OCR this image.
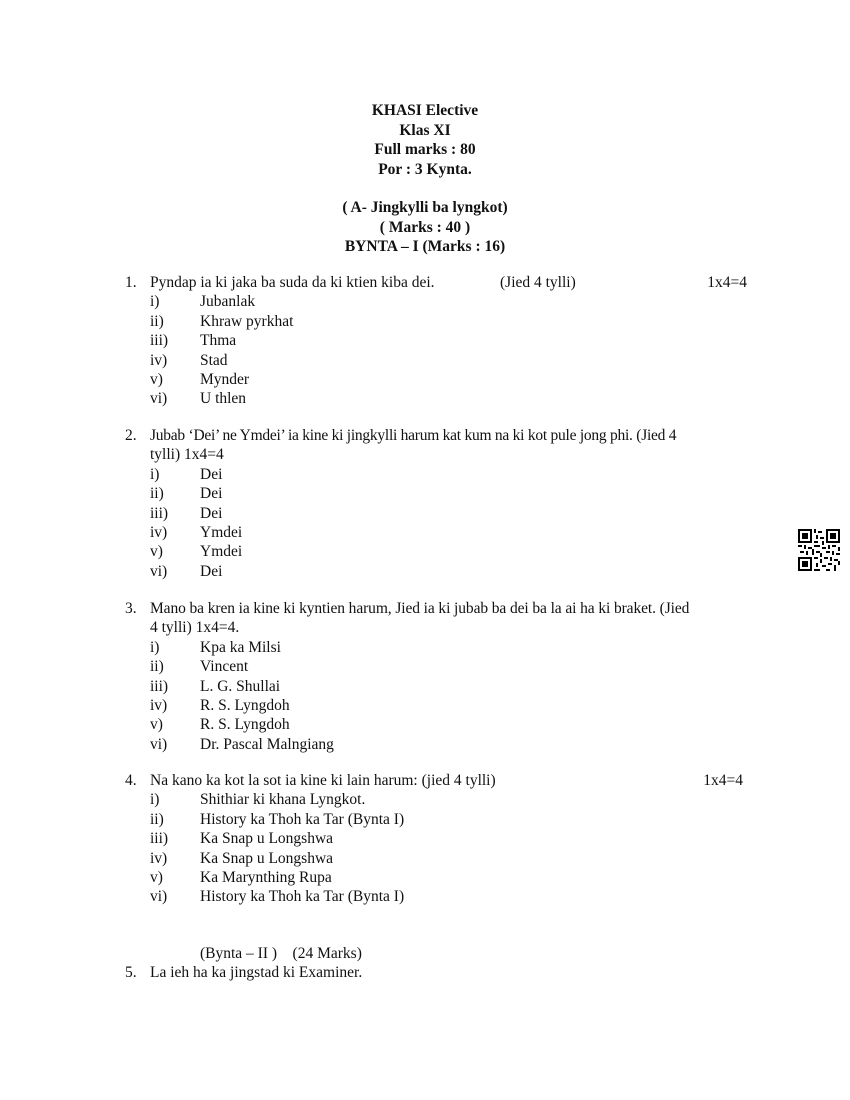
KHASI Elective
Klas XI
Full marks : 80
Por : 3 Kynta.
( A- Jingkylli ba lyngkot)
( Marks : 40 )
BYNTA – I (Marks : 16)
1. Pyndap ia ki jaka ba suda da ki ktien kiba dei.	(Jied 4 tylli)	1x4=4
i)	Jubanlak
ii) Khraw pyrkhat
iii) Thma
iv) Stad
v) Mynder
vi) U thlen
2. Jubab ‘Dei’ ne Ymdei’ ia kine ki jingkylli harum kat kum na ki kot pule jong phi. (Jied 4
tylli) 1x4=4
i)	Dei
ii) Dei
iii) Dei
iv) Ymdei
v) Ymdei
vi) Dei
3. Mano ba kren ia kine ki kyntien harum, Jied ia ki jubab ba dei ba la ai ha ki braket. (Jied
4 tylli) 1x4=4.
i)	Kpa ka Milsi
ii) Vincent
iii) L. G. Shullai
iv) R. S. Lyngdoh
v) R. S. Lyngdoh
vi) Dr. Pascal Malngiang
4. Na kano ka kot la sot ia kine ki lain harum: (jied 4 tylli)	1x4=4
i)	Shithiar ki khana Lyngkot.
ii) History ka Thoh ka Tar (Bynta I)
iii) Ka Snap u Longshwa
iv) Ka Snap u Longshwa
v) Ka Marynthing Rupa
vi) History ka Thoh ka Tar (Bynta I)
(Bynta – II )    (24 Marks)
5. La ieh ha ka jingstad ki Examiner.
